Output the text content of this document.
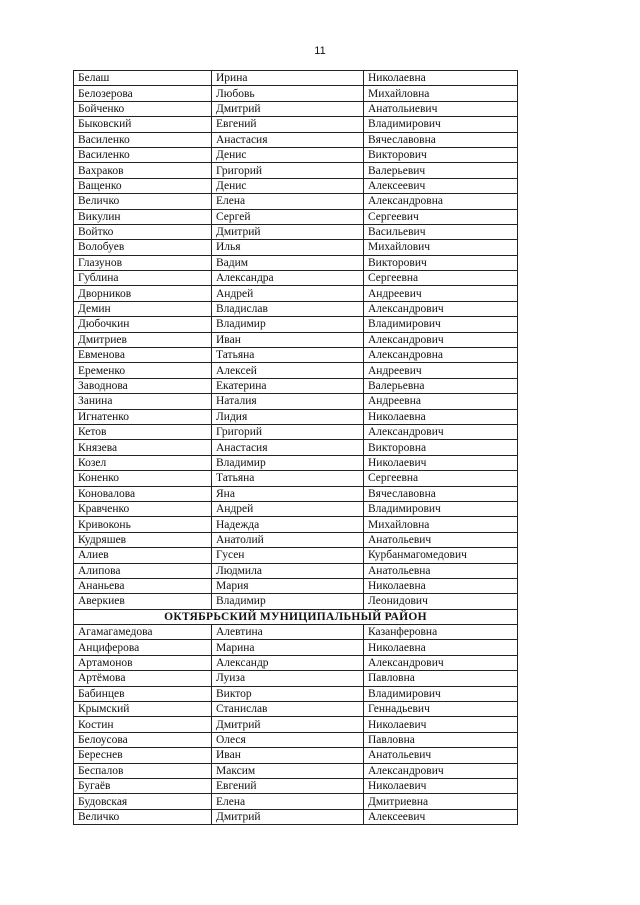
11
Белаш	Ирина	Николаевна
Белозерова	Любовь	Михайловна
Бойченко	Дмитрий	Анатольиевич
Быковский	Евгений	Владимирович
Василенко	Анастасия	Вячеславовна
Василенко	Денис	Викторович
Вахраков	Григорий	Валерьевич
Ващенко	Денис	Алексеевич
Величко	Елена	Александровна
Викулин	Сергей	Сергеевич
Войтко	Дмитрий	Васильевич
Волобуев	Илья	Михайлович
Глазунов	Вадим	Викторович
Гублина	Александра	Сергеевна
Дворников	Андрей	Андреевич
Демин	Владислав	Александрович
Дюбочкин	Владимир	Владимирович
Дмитриев	Иван	Александрович
Евменова	Татьяна	Александровна
Еременко	Алексей	Андреевич
Заводнова	Екатерина	Валерьевна
Занина	Наталия	Андреевна
Игнатенко	Лидия	Николаевна
Кетов	Григорий	Александрович
Князева	Анастасия	Викторовна
Козел	Владимир	Николаевич
Коненко	Татьяна	Сергеевна
Коновалова	Яна	Вячеславовна
Кравченко	Андрей	Владимирович
Кривоконь	Надежда	Михайловна
Кудряшев	Анатолий	Анатольевич
Алиев	Гусен	Курбанмагомедович
Алипова	Людмила	Анатольевна
Ананьева	Мария	Николаевна
Аверкиев	Владимир	Леонидович
ОКТЯБРЬСКИЙ МУНИЦИПАЛЬНЫЙ РАЙОН		
Агамагамедова	Алевтина	Казанферовна
Анциферова	Марина	Николаевна
Артамонов	Александр	Александрович
Артёмова	Луиза	Павловна
Бабинцев	Виктор	Владимирович
Крымский	Станислав	Геннадьевич
Костин	Дмитрий	Николаевич
Белоусова	Олеся	Павловна
Береснев	Иван	Анатольевич
Беспалов	Максим	Александрович
Бугаёв	Евгений	Николаевич
Будовская	Елена	Дмитриевна
Величко	Дмитрий	Алексеевич
